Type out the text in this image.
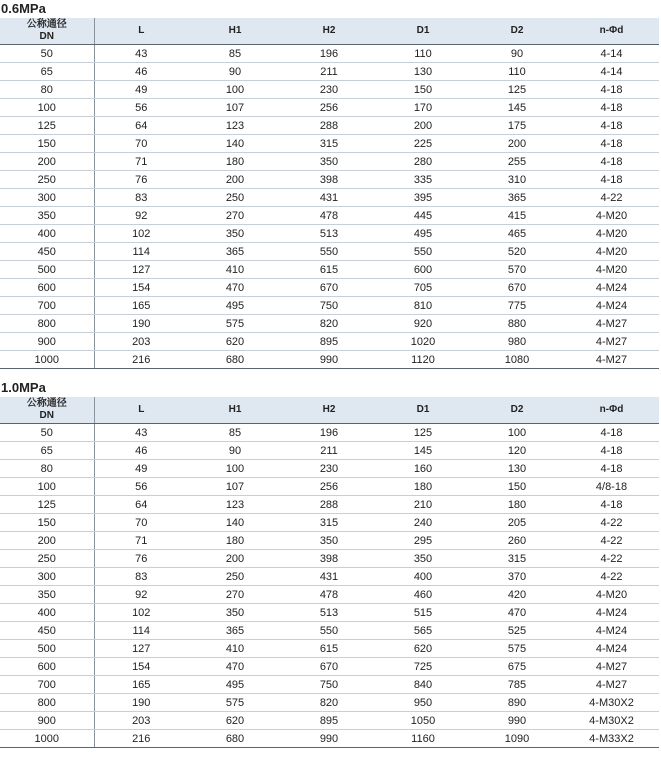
0.6MPa
公称通径
DN	L	H1	H2	D1	D2	n-Φd
50	43	85	196	110	90	4-14
65	46	90	211	130	110	4-14
80	49	100	230	150	125	4-18
100	56	107	256	170	145	4-18
125	64	123	288	200	175	4-18
150	70	140	315	225	200	4-18
200	71	180	350	280	255	4-18
250	76	200	398	335	310	4-18
300	83	250	431	395	365	4-22
350	92	270	478	445	415	4-M20
400	102	350	513	495	465	4-M20
450	114	365	550	550	520	4-M20
500	127	410	615	600	570	4-M20
600	154	470	670	705	670	4-M24
700	165	495	750	810	775	4-M24
800	190	575	820	920	880	4-M27
900	203	620	895	1020	980	4-M27
1000	216	680	990	1120	1080	4-M27
1.0MPa
公称通径
DN	L	H1	H2	D1	D2	n-Φd
50	43	85	196	125	100	4-18
65	46	90	211	145	120	4-18
80	49	100	230	160	130	4-18
100	56	107	256	180	150	4/8-18
125	64	123	288	210	180	4-18
150	70	140	315	240	205	4-22
200	71	180	350	295	260	4-22
250	76	200	398	350	315	4-22
300	83	250	431	400	370	4-22
350	92	270	478	460	420	4-M20
400	102	350	513	515	470	4-M24
450	114	365	550	565	525	4-M24
500	127	410	615	620	575	4-M24
600	154	470	670	725	675	4-M27
700	165	495	750	840	785	4-M27
800	190	575	820	950	890	4-M30X2
900	203	620	895	1050	990	4-M30X2
1000	216	680	990	1160	1090	4-M33X2
